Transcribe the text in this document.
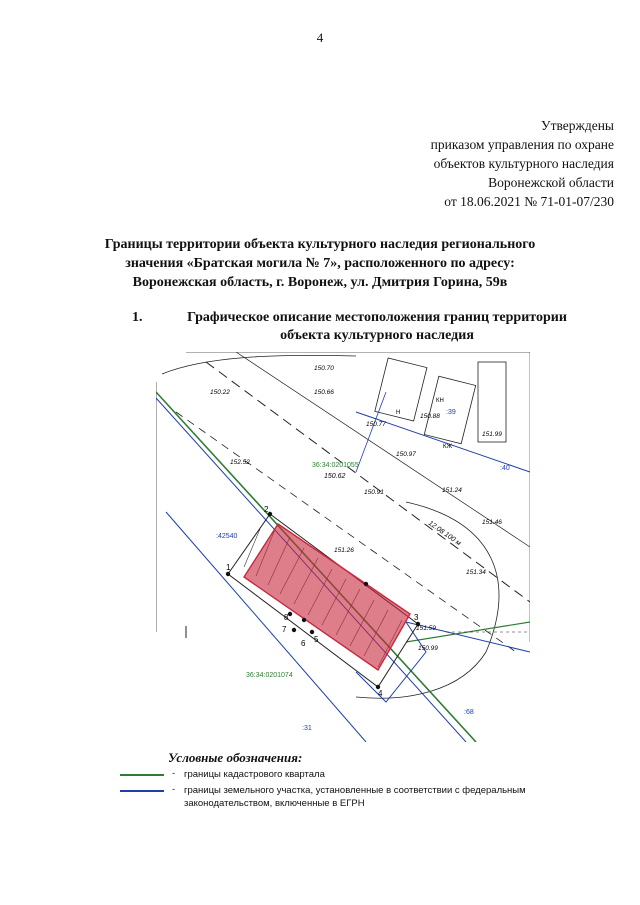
4
Утверждены
приказом управления по охране
объектов культурного наследия
Воронежской области
от 18.06.2021 № 71-01-07/230
Границы территории объекта культурного наследия регионального
значения «Братская могила № 7», расположенного по адресу:
Воронежская область, г. Воронеж, ул. Дмитрия Горина, 59в
1.	Графическое описание местоположения границ территории
объекта культурного наследия
1
2
3
4
5
6
7
8
36:34:0201055
36:34:0201074
:42540
:39
:40
:31
:68
150.22
152.52
150.70
150.66
150.77
150.97
150.91	151.24
150.88
151.99
151.46
151.26
151.34
151.59
150.99
150.62
12.08 100 м
КЖ
Н
КН
Условные обозначения:
- границы кадастрового квартала
- границы земельного участка, установленные в соответствии с федеральным законодательством, включенные в ЕГРН
